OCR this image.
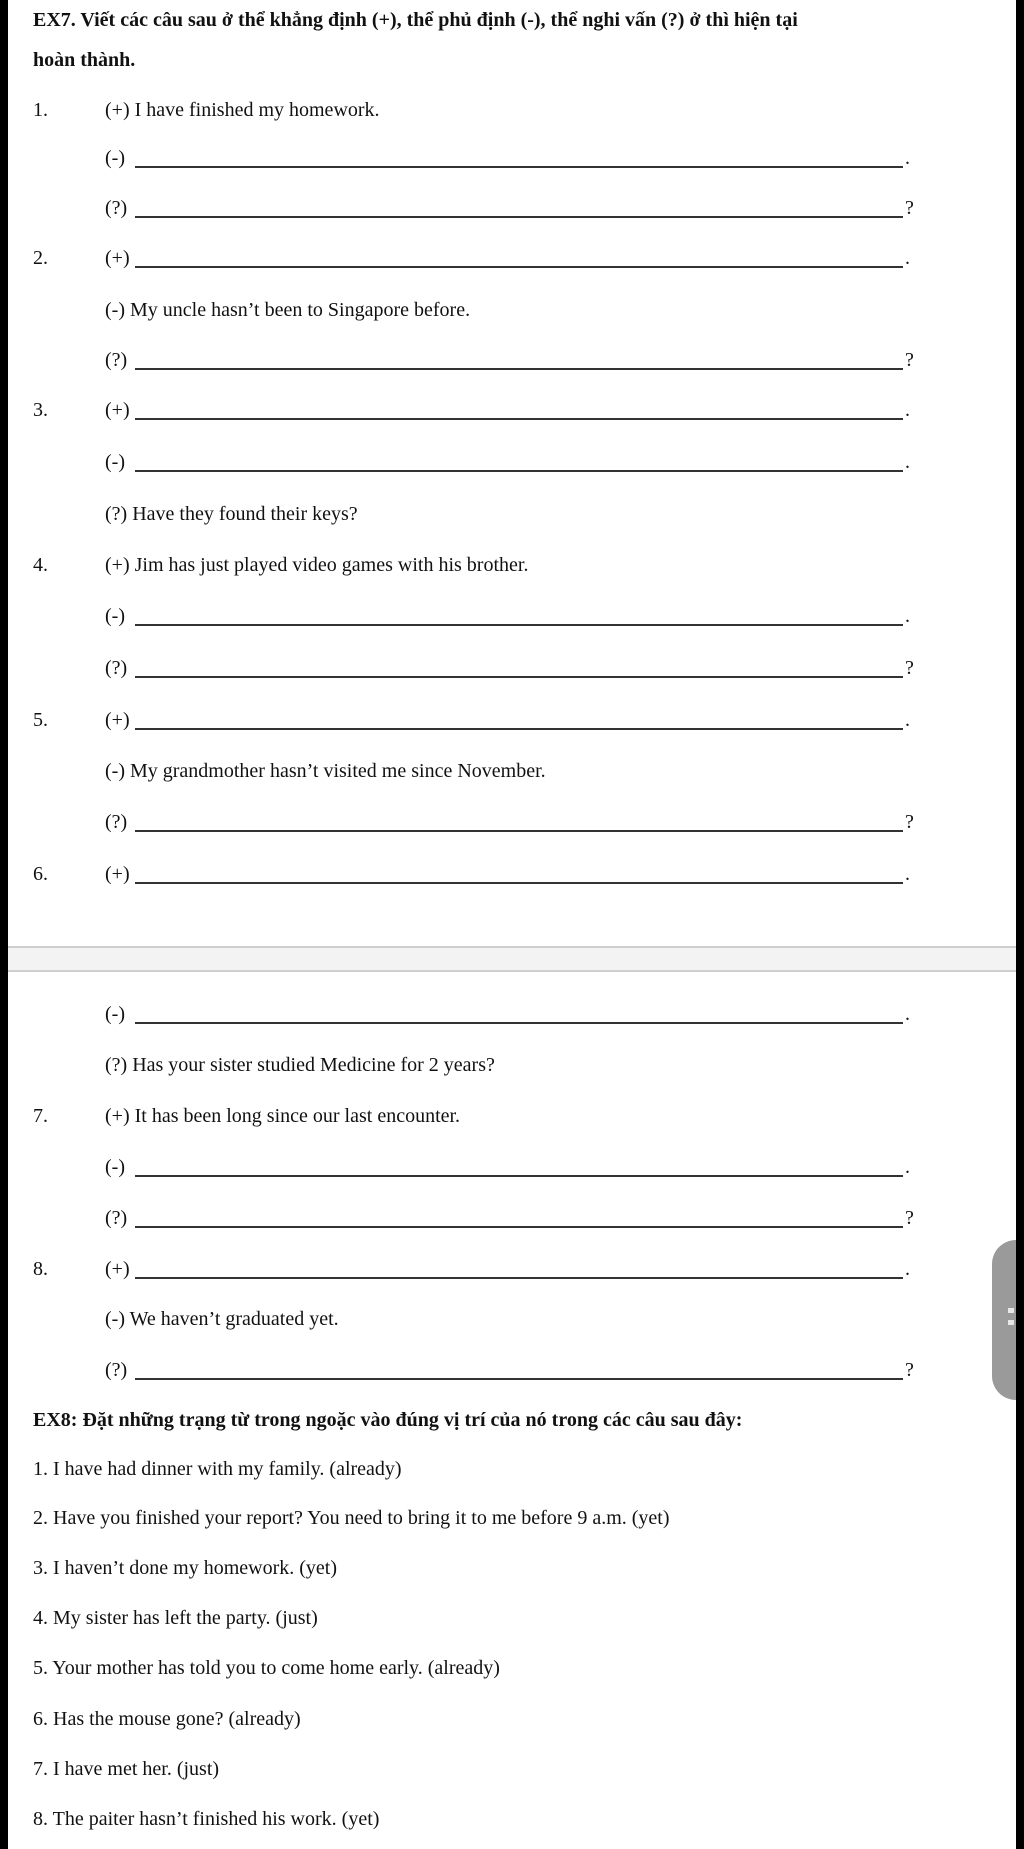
EX7. Viết các câu sau ở thể khẳng định (+), thể phủ định (-), thể nghi vấn (?) ở thì hiện tại
hoàn thành.
1.	(+) I have finished my homework.
(-)	.
(?)	?
2.	(+)	.
(-) My uncle hasn’t been to Singapore before.
(?)	?
3.	(+)	.
(-)	.
(?) Have they found their keys?
4.	(+) Jim has just played video games with his brother.
(-)	.
(?)	?
5.	(+)	.
(-) My grandmother hasn’t visited me since November.
(?)	?
6.	(+)	.
(-)	.
(?) Has your sister studied Medicine for 2 years?
7.	(+) It has been long since our last encounter.
(-)	.
(?)	?
8.	(+)	.
(-) We haven’t graduated yet.
(?)	?
EX8: Đặt những trạng từ trong ngoặc vào đúng vị trí của nó trong các câu sau đây:
1. I have had dinner with my family. (already)
2. Have you finished your report? You need to bring it to me before 9 a.m. (yet)
3. I haven’t done my homework. (yet)
4. My sister has left the party. (just)
5. Your mother has told you to come home early. (already)
6. Has the mouse gone? (already)
7. I have met her. (just)
8. The paiter hasn’t finished his work. (yet)
